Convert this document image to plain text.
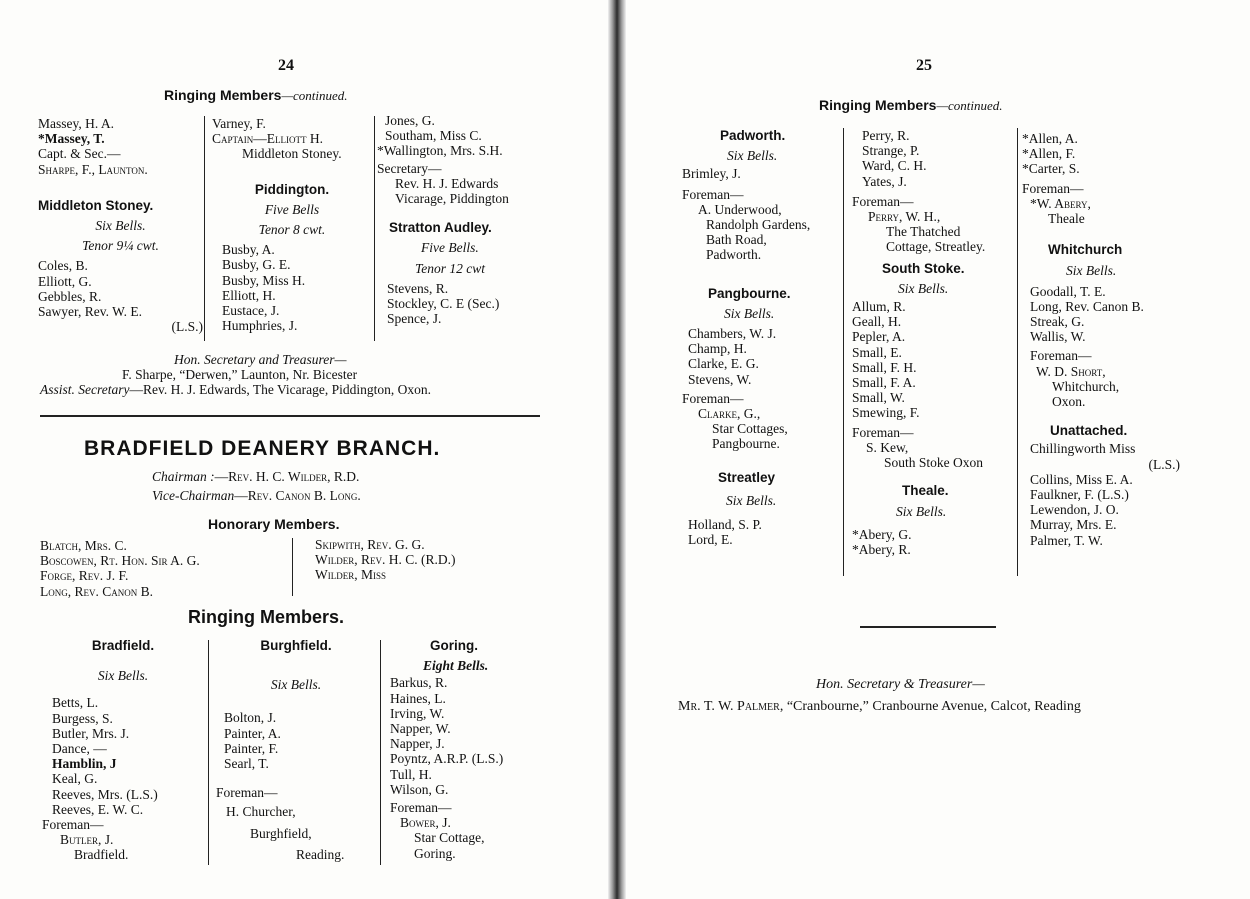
24
Ringing Members—continued.
Massey, H. A.
*Massey, T.
Capt. & Sec.—
Sharpe, F., Launton.
Middleton Stoney.
Six Bells.
Tenor 9¼ cwt.
Coles, B.
Elliott, G.
Gebbles, R.
Sawyer, Rev. W. E.
(L.S.)
Varney, F.
Captain—Elliott H.
Middleton Stoney.
Piddington.
Five Bells
Tenor 8 cwt.
Busby, A.
Busby, G. E.
Busby, Miss H.
Elliott, H.
Eustace, J.
Humphries, J.
Jones, G.
Southam, Miss C.
*Wallington, Mrs. S.H.
Secretary—
Rev. H. J. Edwards
Vicarage, Piddington
Stratton Audley.
Five Bells.
Tenor 12 cwt
Stevens, R.
Stockley, C. E (Sec.)
Spence, J.
Hon. Secretary and Treasurer—
F. Sharpe, “Derwen,” Launton, Nr. Bicester
Assist. Secretary—Rev. H. J. Edwards, The Vicarage, Piddington, Oxon.
BRADFIELD DEANERY BRANCH.
Chairman :—Rev. H. C. Wilder, R.D.
Vice-Chairman—Rev. Canon B. Long.
Honorary Members.
Blatch, Mrs. C.
Boscowen, Rt. Hon. Sir A. G.
Forge, Rev. J. F.
Long, Rev. Canon B.
Skipwith, Rev. G. G.
Wilder, Rev. H. C. (R.D.)
Wilder, Miss
Ringing Members.
Bradfield.
Six Bells.
Betts, L.
Burgess, S.
Butler, Mrs. J.
Dance, —
Hamblin, J
Keal, G.
Reeves, Mrs. (L.S.)
Reeves, E. W. C.
Foreman—
Butler, J.
Bradfield.
Burghfield.
Six Bells.
Bolton, J.
Painter, A.
Painter, F.
Searl, T.
Foreman—
H. Churcher,
Burghfield,
Reading.
Goring.
Eight Bells.
Barkus, R.
Haines, L.
Irving, W.
Napper, W.
Napper, J.
Poyntz, A.R.P. (L.S.)
Tull, H.
Wilson, G.
Foreman—
Bower, J.
Star Cottage,
Goring.
25
Ringing Members—continued.
Padworth.
Six Bells.
Brimley, J.
Foreman—
A. Underwood,
Randolph Gardens,
Bath Road,
Padworth.
Pangbourne.
Six Bells.
Chambers, W. J.
Champ, H.
Clarke, E. G.
Stevens, W.
Foreman—
Clarke, G.,
Star Cottages,
Pangbourne.
Streatley
Six Bells.
Holland, S. P.
Lord, E.
Perry, R.
Strange, P.
Ward, C. H.
Yates, J.
Foreman—
Perry, W. H.,
The Thatched
Cottage, Streatley.
South Stoke.
Six Bells.
Allum, R.
Geall, H.
Pepler, A.
Small, E.
Small, F. H.
Small, F. A.
Small, W.
Smewing, F.
Foreman—
S. Kew,
South Stoke Oxon
Theale.
Six Bells.
*Abery, G.
*Abery, R.
*Allen, A.
*Allen, F.
*Carter, S.
Foreman—
*W. Abery,
Theale
Whitchurch
Six Bells.
Goodall, T. E.
Long, Rev. Canon B.
Streak, G.
Wallis, W.
Foreman—
W. D. Short,
Whitchurch,
Oxon.
Unattached.
Chillingworth Miss
(L.S.)
Collins, Miss E. A.
Faulkner, F. (L.S.)
Lewendon, J. O.
Murray, Mrs. E.
Palmer, T. W.
Hon. Secretary & Treasurer—
Mr. T. W. Palmer, “Cranbourne,” Cranbourne Avenue, Calcot, Reading
